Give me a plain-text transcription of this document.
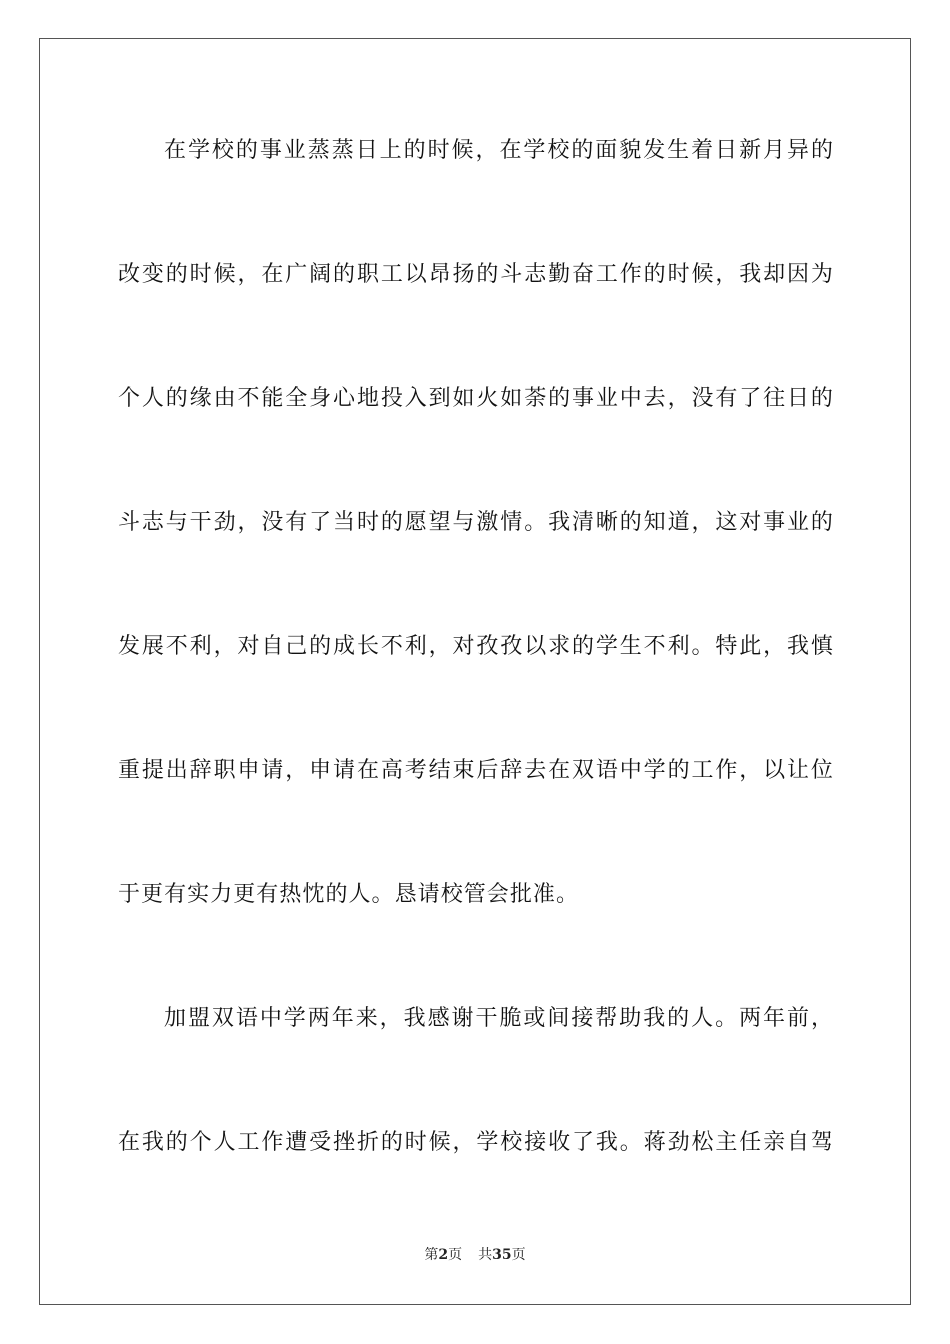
在学校的事业蒸蒸日上的时候，在学校的面貌发生着日新月异的
改变的时候，在广阔的职工以昂扬的斗志勤奋工作的时候，我却因为
个人的缘由不能全身心地投入到如火如荼的事业中去，没有了往日的
斗志与干劲，没有了当时的愿望与激情。我清晰的知道，这对事业的
发展不利，对自己的成长不利，对孜孜以求的学生不利。特此，我慎
重提出辞职申请，申请在高考结束后辞去在双语中学的工作，以让位
于更有实力更有热忱的人。恳请校管会批准。
加盟双语中学两年来，我感谢干脆或间接帮助我的人。两年前，
在我的个人工作遭受挫折的时候，学校接收了我。蒋劲松主任亲自驾
第2页 共35页
